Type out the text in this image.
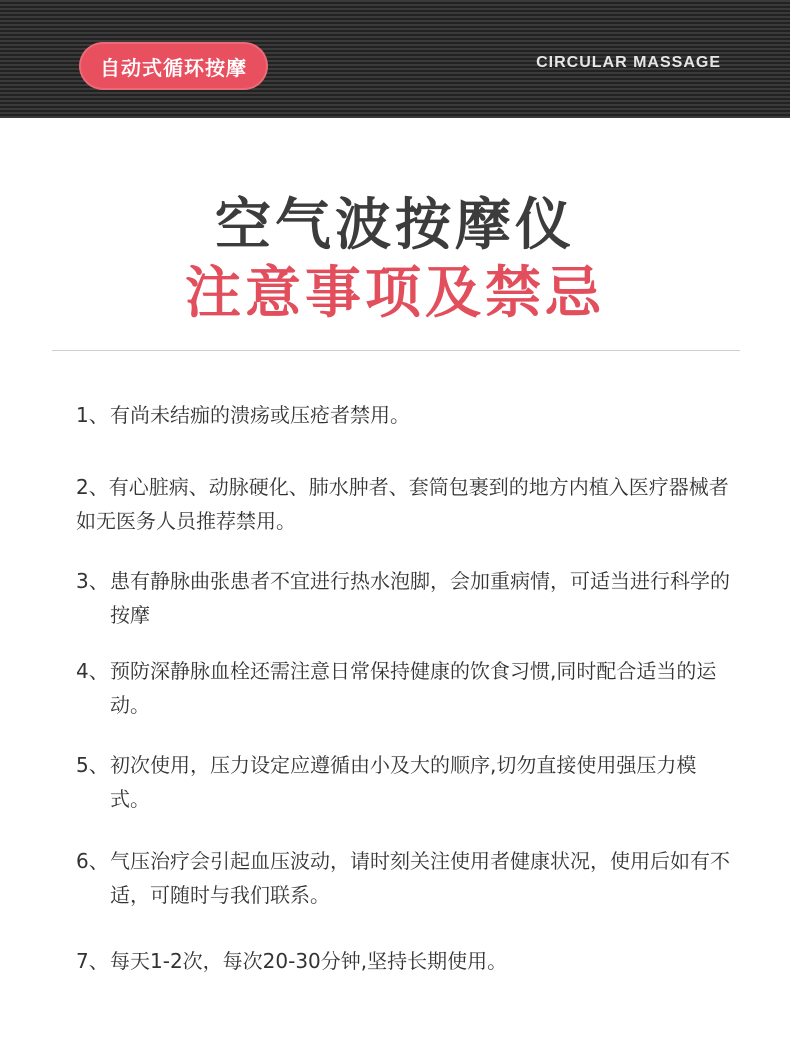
自动式循环按摩	CIRCULAR MASSAGE
空气波按摩仪
注意事项及禁忌
1、 有尚未结痂的溃疡或压疮者禁用。
2、有心脏病、动脉硬化、肺水肿者、套筒包裹到的地方内植入医疗器械者如无医务人员推荐禁用。
3、 患有静脉曲张患者不宜进行热水泡脚，会加重病情，可适当进行科学的按摩
4、 预防深静脉血栓还需注意日常保持健康的饮食习惯,同时配合适当的运动。
5、 初次使用，压力设定应遵循由小及大的顺序,切勿直接使用强压力模式。
6、 气压治疗会引起血压波动，请时刻关注使用者健康状况，使用后如有不适，可随时与我们联系。
7、 每天1-2次，每次20-30分钟,坚持长期使用。
